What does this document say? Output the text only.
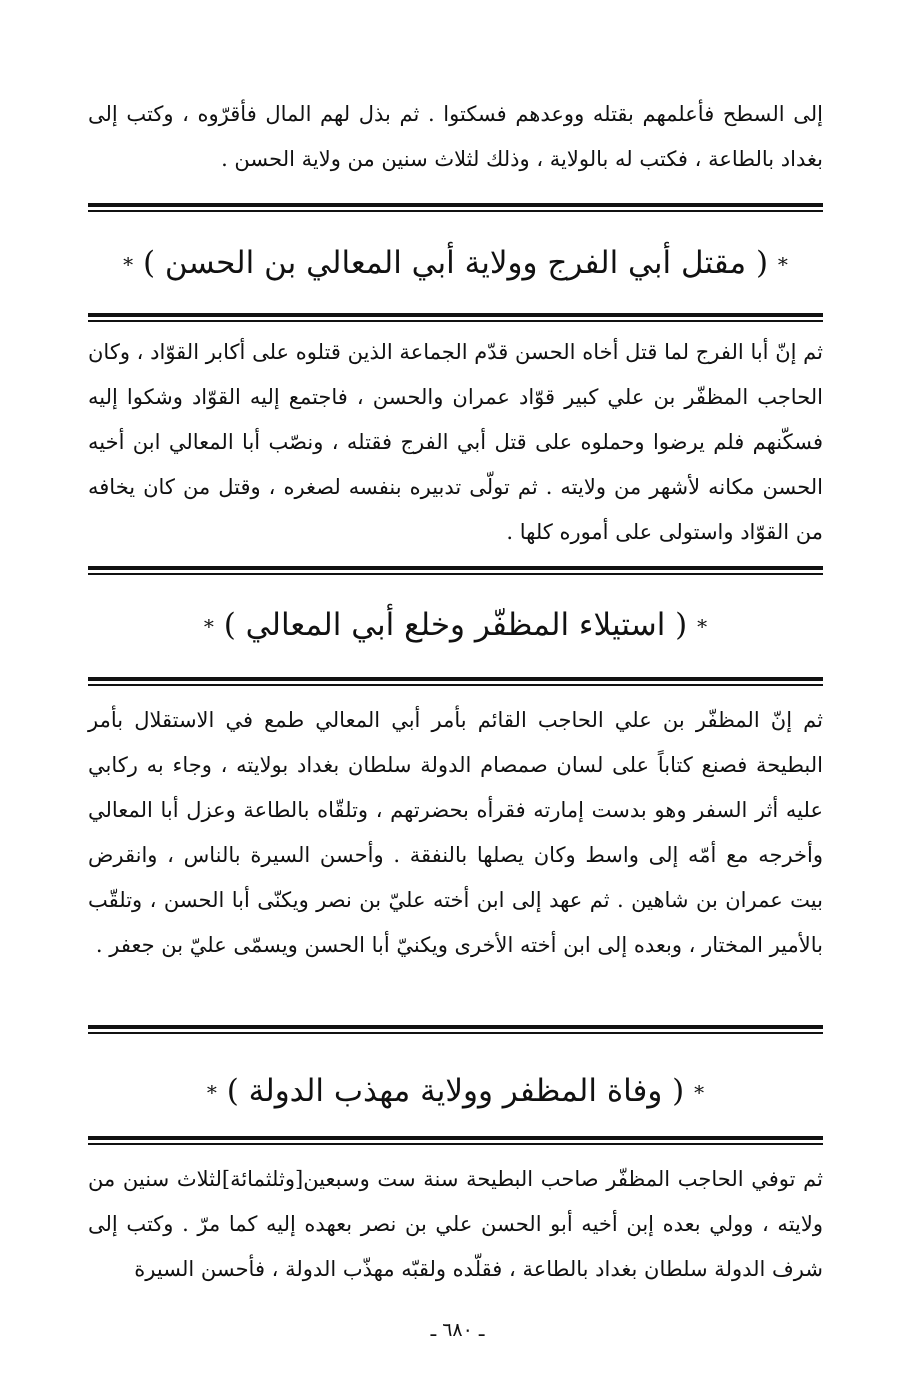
إلى السطح فأعلمهم بقتله ووعدهم فسكتوا . ثم بذل لهم المال فأقرّوه ، وكتب إلى بغداد بالطاعة ، فكتب له بالولاية ، وذلك لثلاث سنين من ولاية الحسن .

* ( مقتل أبي الفرج وولاية أبي المعالي بن الحسن ) *

ثم إنّ أبا الفرج لما قتل أخاه الحسن قدّم الجماعة الذين قتلوه على أكابر القوّاد ، وكان الحاجب المظفّر بن علي كبير قوّاد عمران والحسن ، فاجتمع إليه القوّاد وشكوا إليه فسكّنهم فلم يرضوا وحملوه على قتل أبي الفرج فقتله ، ونصّب أبا المعالي ابن أخيه الحسن مكانه لأشهر من ولايته . ثم تولّى تدبيره بنفسه لصغره ، وقتل من كان يخافه من القوّاد واستولى على أموره كلها .

* ( استيلاء المظفّر وخلع أبي المعالي ) *

ثم إنّ المظفّر بن علي الحاجب القائم بأمر أبي المعالي طمع في الاستقلال بأمر البطيحة فصنع كتاباً على لسان صمصام الدولة سلطان بغداد بولايته ، وجاء به ركابي عليه أثر السفر وهو بدست إمارته فقرأه بحضرتهم ، وتلقّاه بالطاعة وعزل أبا المعالي وأخرجه مع أمّه إلى واسط وكان يصلها بالنفقة . وأحسن السيرة بالناس ، وانقرض بيت عمران بن شاهين . ثم عهد إلى ابن أخته عليّ بن نصر ويكنّى أبا الحسن ، وتلقّب بالأمير المختار ، وبعده إلى ابن أخته الأخرى ويكنيّ أبا الحسن ويسمّى عليّ بن جعفر .

* ( وفاة المظفر وولاية مهذب الدولة ) *

ثم توفي الحاجب المظفّر صاحب البطيحة سنة ست وسبعين[وثلثمائة]لثلاث سنين من ولايته ، وولي بعده إبن أخيه أبو الحسن علي بن نصر بعهده إليه كما مرّ . وكتب إلى شرف الدولة سلطان بغداد بالطاعة ، فقلّده ولقبّه مهذّب الدولة ، فأحسن السيرة

ـ ٦٨٠ ـ
